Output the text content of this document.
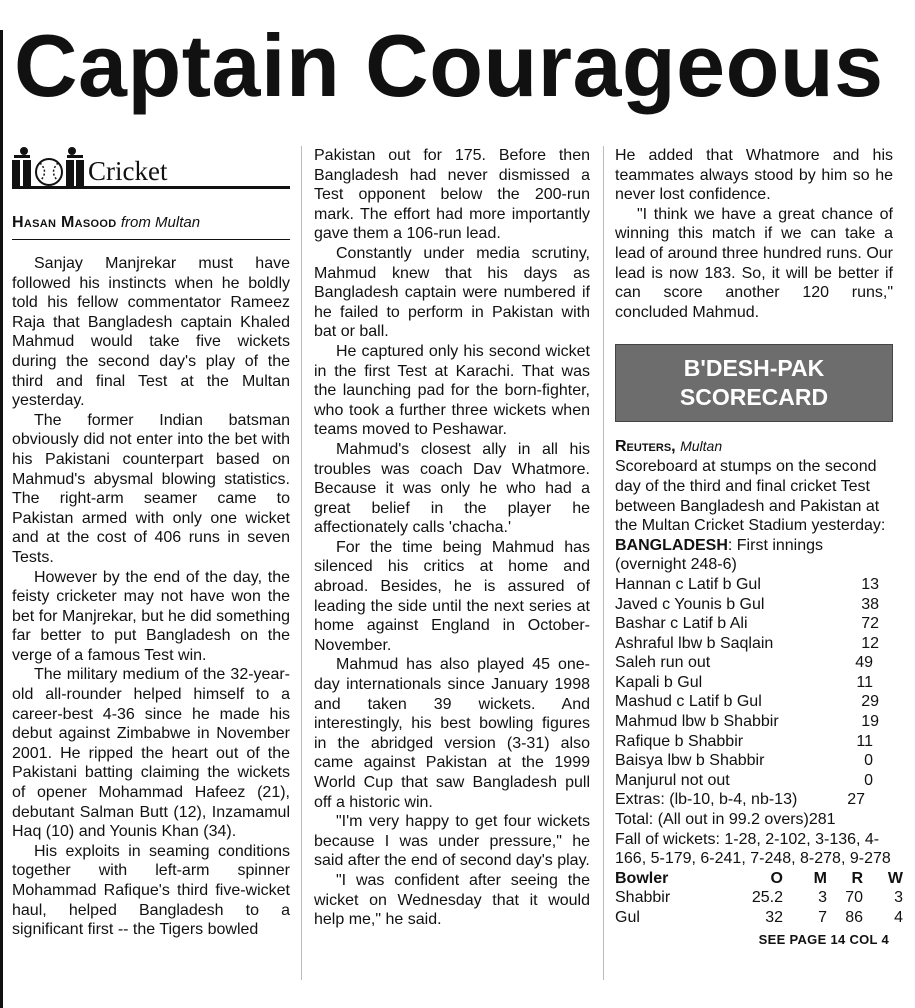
Captain Courageous
Cricket
Hasan Masood from Multan

Sanjay Manjrekar must have followed his instincts when he boldly told his fellow commentator Rameez Raja that Bangladesh captain Khaled Mahmud would take five wickets during the second day's play of the third and final Test at the Multan yesterday.

The former Indian batsman obviously did not enter into the bet with his Pakistani counterpart based on Mahmud's abysmal blowing statistics. The right-arm seamer came to Pakistan armed with only one wicket and at the cost of 406 runs in seven Tests.

However by the end of the day, the feisty cricketer may not have won the bet for Manjrekar, but he did something far better to put Bangladesh on the verge of a famous Test win.

The military medium of the 32-year-old all-rounder helped himself to a career-best 4-36 since he made his debut against Zimbabwe in November 2001. He ripped the heart out of the Pakistani batting claiming the wickets of opener Mohammad Hafeez (21), debutant Salman Butt (12), Inzamamul Haq (10) and Younis Khan (34).

His exploits in seaming conditions together with left-arm spinner Mohammad Rafique's third five-wicket haul, helped Bangladesh to a significant first -- the Tigers bowled

Pakistan out for 175. Before then Bangladesh had never dismissed a Test opponent below the 200-run mark. The effort had more importantly gave them a 106-run lead.

Constantly under media scrutiny, Mahmud knew that his days as Bangladesh captain were numbered if he failed to perform in Pakistan with bat or ball.

He captured only his second wicket in the first Test at Karachi. That was the launching pad for the born-fighter, who took a further three wickets when teams moved to Peshawar.

Mahmud's closest ally in all his troubles was coach Dav Whatmore. Because it was only he who had a great belief in the player he affectionately calls 'chacha.'

For the time being Mahmud has silenced his critics at home and abroad. Besides, he is assured of leading the side until the next series at home against England in October-November.

Mahmud has also played 45 one-day internationals since January 1998 and taken 39 wickets. And interestingly, his best bowling figures in the abridged version (3-31) also came against Pakistan at the 1999 World Cup that saw Bangladesh pull off a historic win.

"I'm very happy to get four wickets because I was under pressure," he said after the end of second day's play.

"I was confident after seeing the wicket on Wednesday that it would help me," he said.

He added that Whatmore and his teammates always stood by him so he never lost confidence.

"I think we have a great chance of winning this match if we can take a lead of around three hundred runs. Our lead is now 183. So, it will be better if can score another 120 runs," concluded Mahmud.

B'DESH-PAK
SCORECARD
Reuters, Multan

Scoreboard at stumps on the second day of the third and final cricket Test between Bangladesh and Pakistan at the Multan Cricket Stadium yesterday:

BANGLADESH: First innings (overnight 248-6)

Hannan c Latif b Gul	13
Javed c Younis b Gul	38
Bashar c Latif b Ali	72
Ashraful lbw b Saqlain	12
Saleh run out	49
Kapali b Gul	11
Mashud c Latif b Gul	29
Mahmud lbw b Shabbir	19
Rafique b Shabbir	11
Baisya lbw b Shabbir	0
Manjurul not out	0
Extras: (lb-10, b-4, nb-13)	27
Total: (All out in 99.2 overs) 281

Fall of wickets: 1-28, 2-102, 3-136, 4-166, 5-179, 6-241, 7-248, 8-278, 9-278

Bowler	O	M	R	W
Shabbir	25.2	3	70	3
Gul	32	7	86	4
SEE PAGE 14 COL 4
